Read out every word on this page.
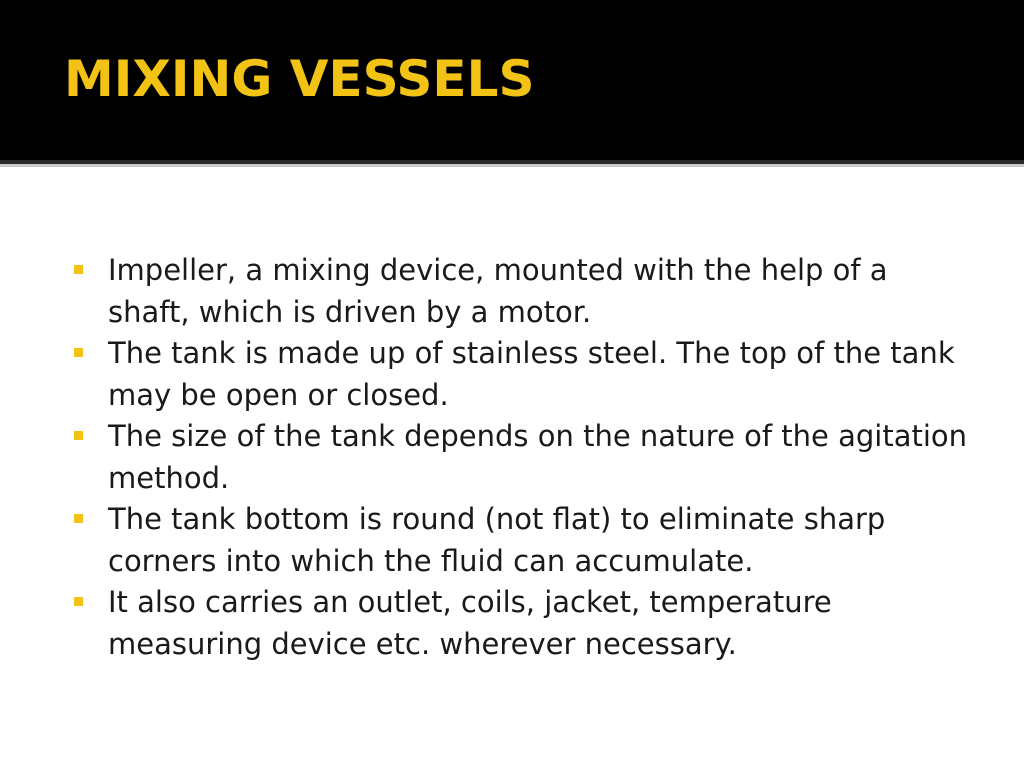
MIXING VESSELS
Impeller, a mixing device, mounted with the help of a shaft, which is driven by a motor.
The tank is made up of stainless steel. The top of the tank may be open or closed.
The size of the tank depends on the nature of the agitation method.
The tank bottom is round (not flat) to eliminate sharp corners into which the fluid can accumulate.
It also carries an outlet, coils, jacket, temperature measuring device etc. wherever necessary.
